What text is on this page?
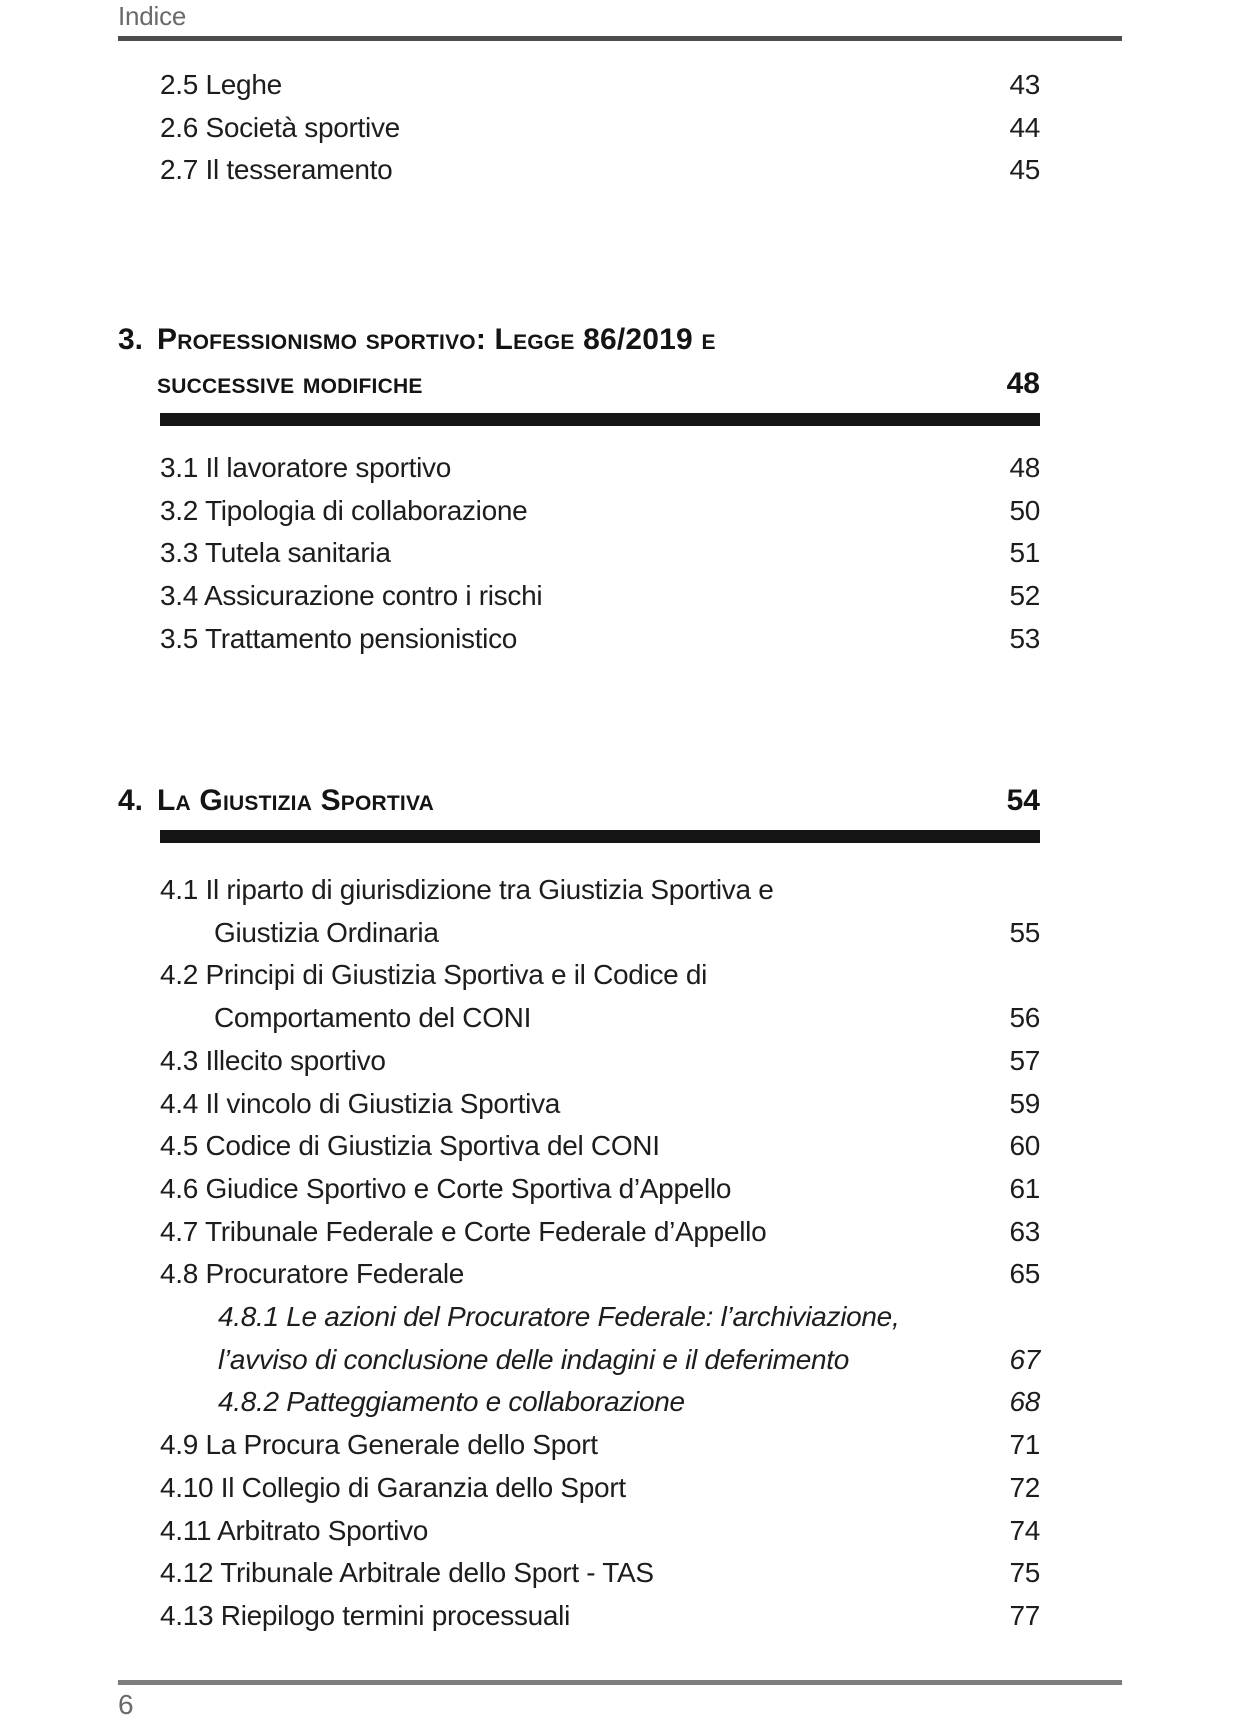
Indice
2.5 Leghe	43
2.6 Società sportive	44
2.7 Il tesseramento	45
3. Professionismo sportivo: Legge 86/2019 e
successive modifiche	48
3.1 Il lavoratore sportivo	48
3.2 Tipologia di collaborazione	50
3.3 Tutela sanitaria	51
3.4 Assicurazione contro i rischi	52
3.5 Trattamento pensionistico	53
4. La Giustizia Sportiva	54
4.1 Il riparto di giurisdizione tra Giustizia Sportiva e
Giustizia Ordinaria	55
4.2 Principi di Giustizia Sportiva e il Codice di
Comportamento del CONI	56
4.3 Illecito sportivo	57
4.4 Il vincolo di Giustizia Sportiva	59
4.5 Codice di Giustizia Sportiva del CONI	60
4.6 Giudice Sportivo e Corte Sportiva d’Appello	61
4.7 Tribunale Federale e Corte Federale d’Appello	63
4.8 Procuratore Federale	65
4.8.1 Le azioni del Procuratore Federale: l’archiviazione,
l’avviso di conclusione delle indagini e il deferimento	67
4.8.2 Patteggiamento e collaborazione	68
4.9 La Procura Generale dello Sport	71
4.10 Il Collegio di Garanzia dello Sport	72
4.11 Arbitrato Sportivo	74
4.12 Tribunale Arbitrale dello Sport - TAS	75
4.13 Riepilogo termini processuali	77
6
